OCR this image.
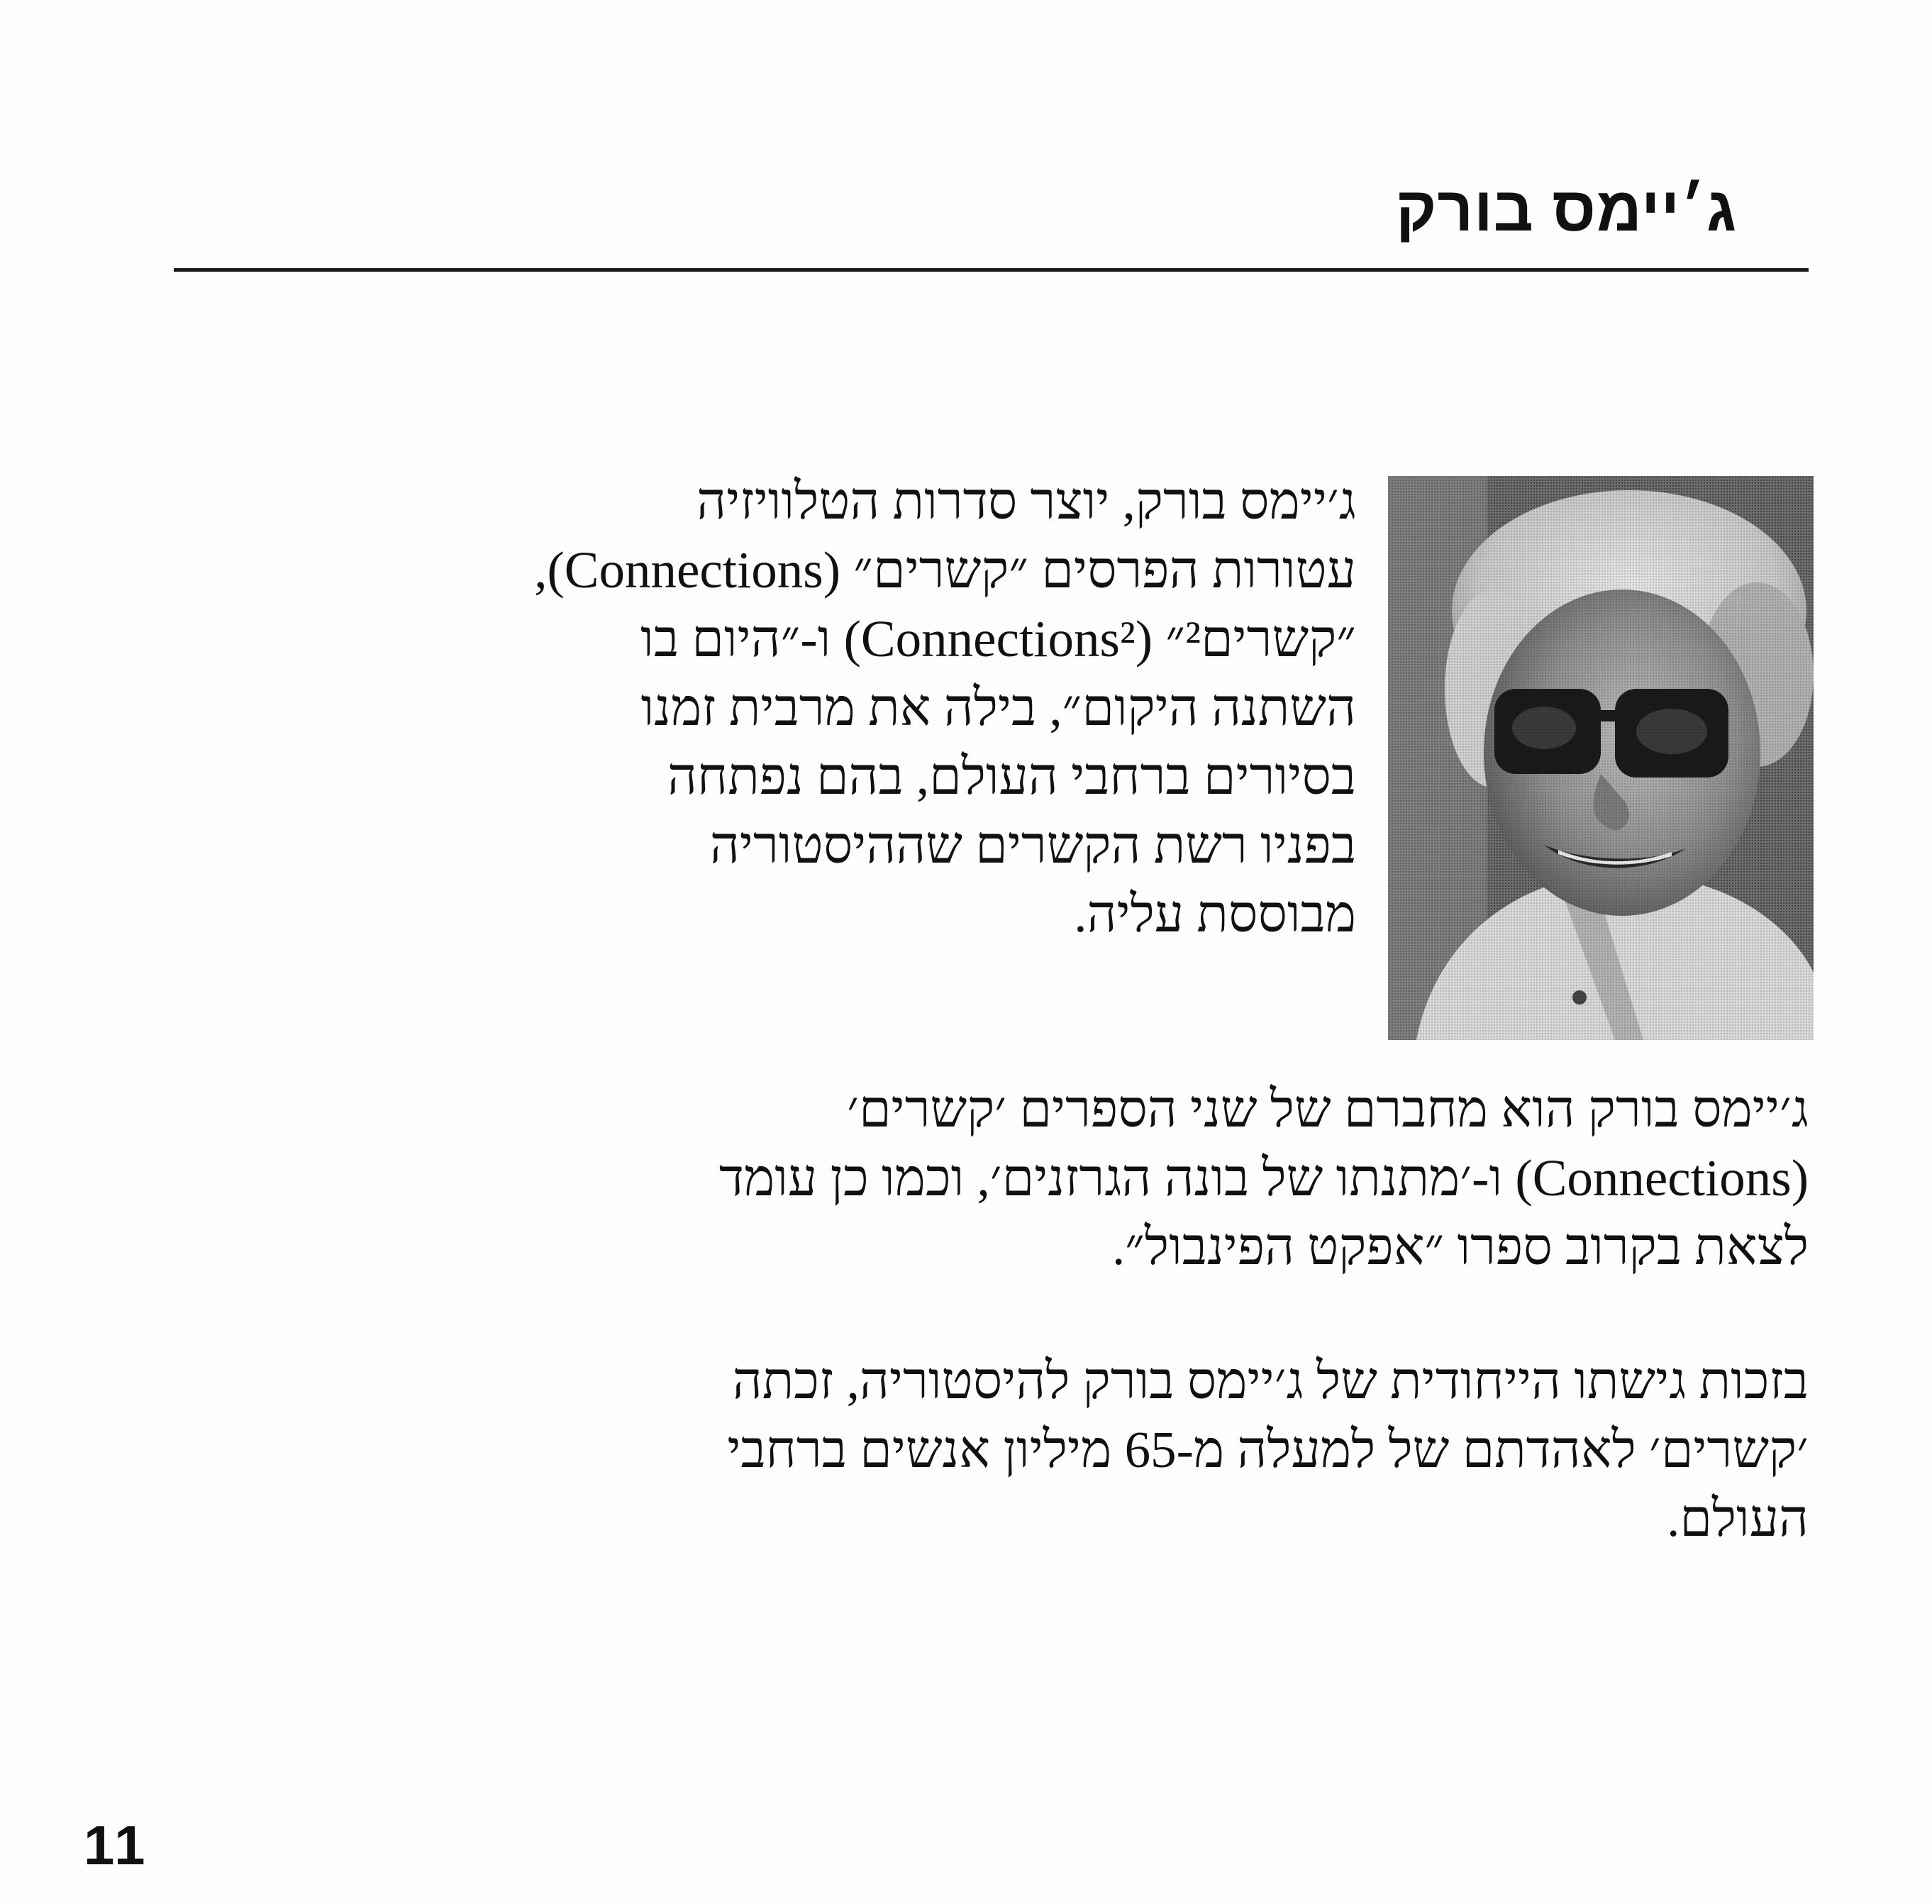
ג׳יימס בורק
ג׳יימס בורק, יוצר סדרות הטלוויזיה
עטורות הפרסים ״קשרים״ (Connections),
״קשרים²״ (Connections²) ו-״היום בו
השתנה היקום״, בילה את מרבית זמנו
בסיורים ברחבי העולם, בהם נפתחה
בפניו רשת הקשרים שההיסטוריה
מבוססת עליה.
ג׳יימס בורק הוא מחברם של שני הספרים ׳קשרים׳
(Connections) ו-׳מתנתו של בונה הגרזנים׳, וכמו כן עומד
לצאת בקרוב ספרו ״אפקט הפינבול״.
בזכות גישתו הייחודית של ג׳יימס בורק להיסטוריה, זכתה
׳קשרים׳ לאהדתם של למעלה מ-65 מיליון אנשים ברחבי
העולם.
11
